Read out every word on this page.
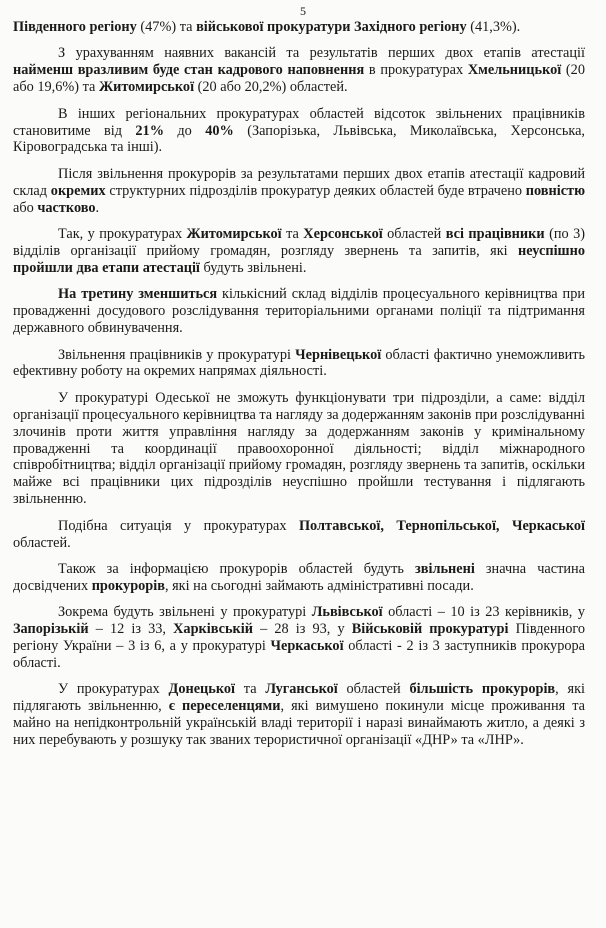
5

Південного регіону (47%) та військової прокуратури Західного регіону (41,3%).

З урахуванням наявних вакансій та результатів перших двох етапів атестації найменш вразливим буде стан кадрового наповнення в прокуратурах Хмельницької (20 або 19,6%) та Житомирської (20 або 20,2%) областей.

В інших регіональних прокуратурах областей відсоток звільнених працівників становитиме від 21% до 40% (Запорізька, Львівська, Миколаївська, Херсонська, Кіровоградська та інші).

Після звільнення прокурорів за результатами перших двох етапів атестації кадровий склад окремих структурних підрозділів прокуратур деяких областей буде втрачено повністю або частково.

Так, у прокуратурах Житомирської та Херсонської областей всі працівники (по 3) відділів організації прийому громадян, розгляду звернень та запитів, які неуспішно пройшли два етапи атестації будуть звільнені.

На третину зменшиться кількісний склад відділів процесуального керівництва при провадженні досудового розслідування територіальними органами поліції та підтримання державного обвинувачення.

Звільнення працівників у прокуратурі Чернівецької області фактично унеможливить ефективну роботу на окремих напрямах діяльності.

У прокуратурі Одеської не зможуть функціонувати три підрозділи, а саме: відділ організації процесуального керівництва та нагляду за додержанням законів при розслідуванні злочинів проти життя управління нагляду за додержанням законів у кримінальному провадженні та координації правоохоронної діяльності; відділ міжнародного співробітництва; відділ організації прийому громадян, розгляду звернень та запитів, оскільки майже всі працівники цих підрозділів неуспішно пройшли тестування і підлягають звільненню.

Подібна ситуація у прокуратурах Полтавської, Тернопільської, Черкаської областей.

Також за інформацією прокурорів областей будуть звільнені значна частина досвідчених прокурорів, які на сьогодні займають адміністративні посади.

Зокрема будуть звільнені у прокуратурі Львівської області – 10 із 23 керівників, у Запорізькій – 12 із 33, Харківській – 28 із 93, у Військовій прокуратурі Південного регіону України – 3 із 6, а у прокуратурі Черкаської області - 2 із 3 заступників прокурора області.

У прокуратурах Донецької та Луганської областей більшість прокурорів, які підлягають звільненню, є переселенцями, які вимушено покинули місце проживання та майно на непідконтрольній українській владі території і наразі винаймають житло, а деякі з них перебувають у розшуку так званих терористичної організації «ДНР» та «ЛНР».
